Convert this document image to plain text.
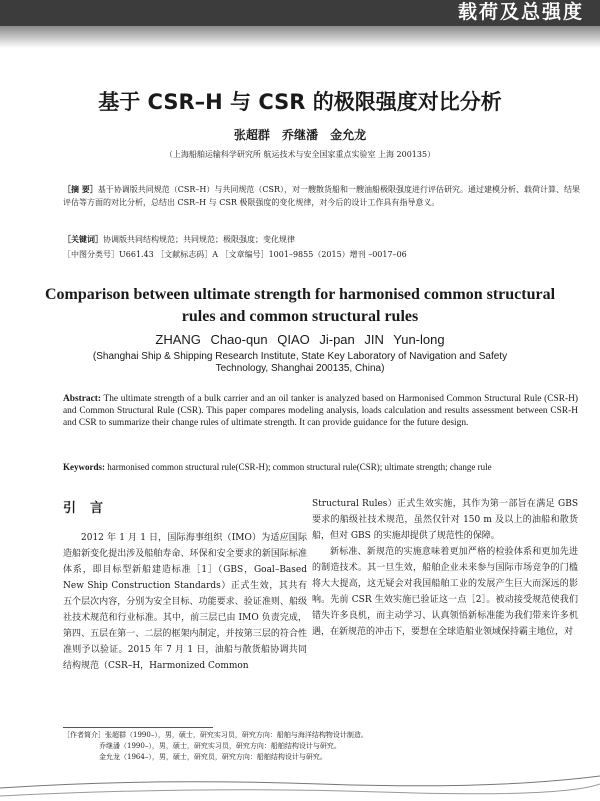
载荷及总强度
基于 CSR–H 与 CSR 的极限强度对比分析
张超群 乔继潘 金允龙
（上海船舶运输科学研究所 航运技术与安全国家重点实验室 上海 200135）
［摘 要］基于协调版共同规范（CSR–H）与共同规范（CSR），对一艘散货船和一艘油船极限强度进行评估研究。通过建模分析、载荷计算、结果评估等方面的对比分析，总结出 CSR–H 与 CSR 极限强度的变化规律，对今后的设计工作具有指导意义。
［关键词］协调版共同结构规范；共同规范；极限强度；变化规律
［中图分类号］U661.43 ［文献标志码］A ［文章编号］1001–9855（2015）增刊 –0017–06
Comparison between ultimate strength for harmonised common structural rules and common structural rules
ZHANG Chao-qun QIAO Ji-pan JIN Yun-long
(Shanghai Ship & Shipping Research Institute, State Key Laboratory of Navigation and Safety Technology, Shanghai 200135, China)
Abstract: The ultimate strength of a bulk carrier and an oil tanker is analyzed based on Harmonised Common Structural Rule (CSR-H) and Common Structural Rule (CSR). This paper compares modeling analysis, loads calculation and results assessment between CSR-H and CSR to summarize their change rules of ultimate strength. It can provide guidance for the future design.
Keywords: harmonised common structural rule(CSR-H); common structural rule(CSR); ultimate strength; change rule
引言

2012 年 1 月 1 日，国际海事组织（IMO）为适应国际造船新变化提出涉及船舶寿命、环保和安全要求的新国际标准体系，即目标型新船建造标准［1］（GBS，Goal–Based New Ship Construction Standards）正式生效，其共有五个层次内容，分别为安全目标、功能要求、验证准则、船级社技术规范和行业标准。其中，前三层已由 IMO 负责完成，第四、五层在第一、二层的框架内制定，并按第三层的符合性准则予以验证。2015 年 7 月 1 日，油船与散货船协调共同结构规范（CSR–H，Harmonized Common

Structural Rules）正式生效实施，其作为第一部旨在满足 GBS 要求的船级社技术规范，虽然仅针对 150 m 及以上的油船和散货船，但对 GBS 的实施却提供了规范性的保障。

新标准、新规范的实施意味着更加严格的检验体系和更加先进的制造技术。其一旦生效，船舶企业未来参与国际市场竞争的门槛将大大提高，这无疑会对我国船舶工业的发展产生巨大而深远的影响。先前 CSR 生效实施已验证这一点［2］。被动接受规范使我们错失许多良机，而主动学习、认真领悟新标准能为我们带来许多机遇，在新规范的冲击下，要想在全球造船业领域保持霸主地位，对

［作者简介］张超群（1990–），男，硕士，研究实习员，研究方向：船舶与海洋结构物设计制造。
乔继潘（1990–），男，硕士，研究实习员，研究方向：船舶结构设计与研究。
金允龙（1964–），男，硕士，研究员，研究方向：船舶结构设计与研究。
